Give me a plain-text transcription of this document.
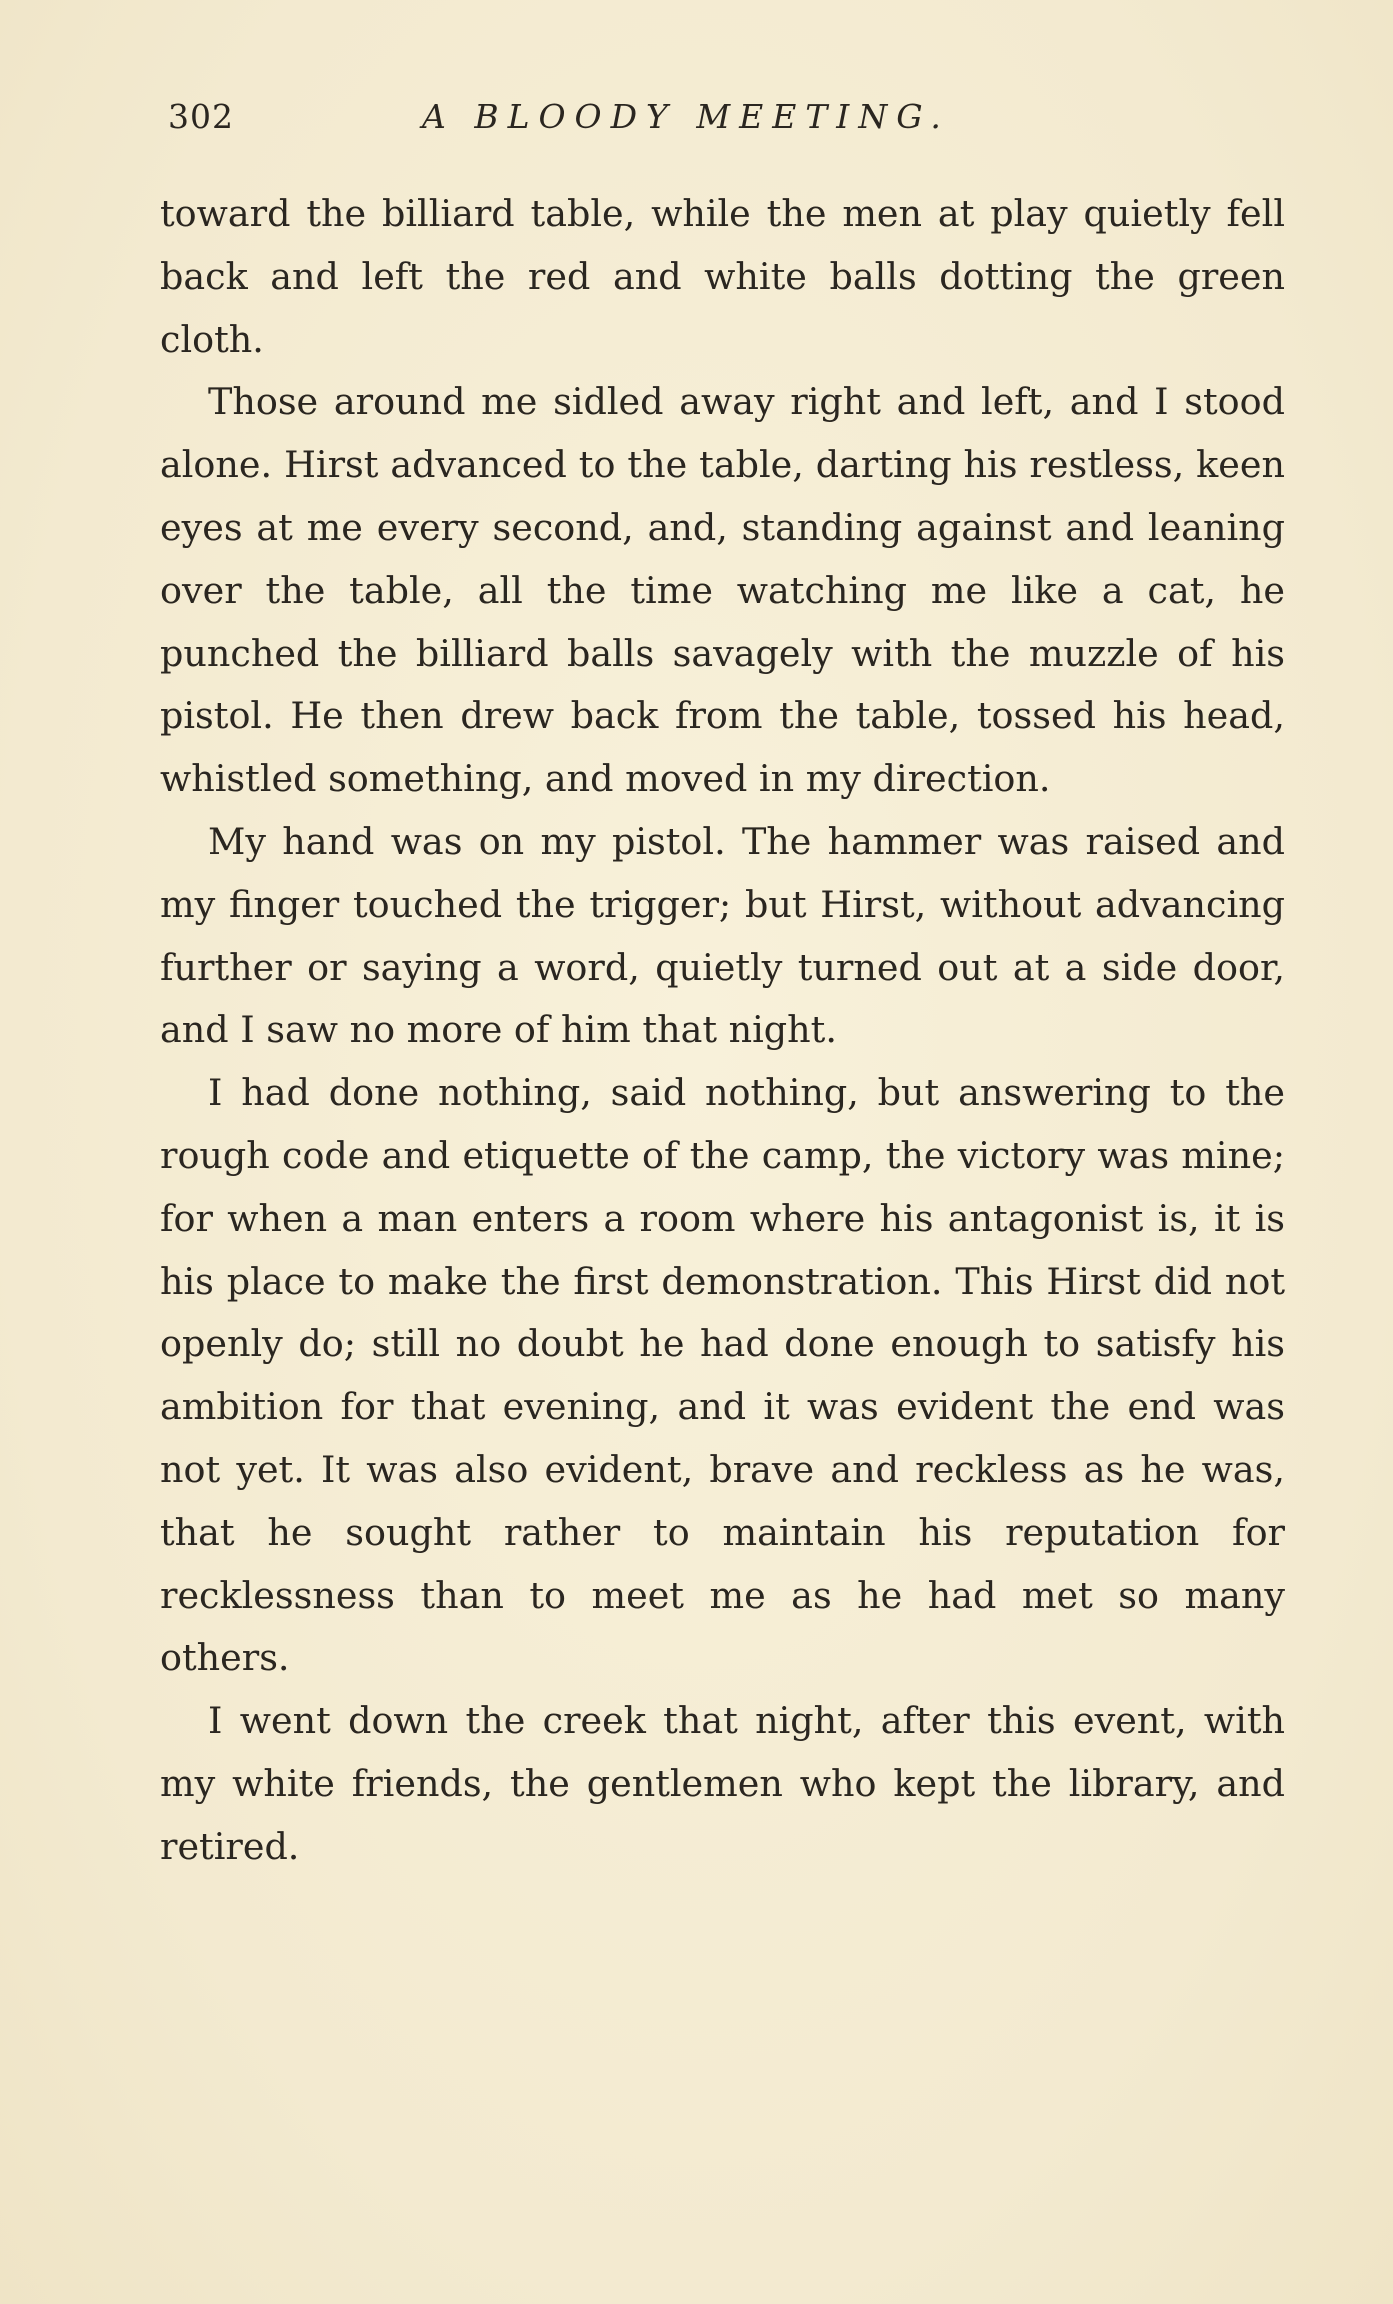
302	A BLOODY MEETING.

toward the billiard table, while the men at play quietly fell back and left the red and white balls dotting the green cloth.

Those around me sidled away right and left, and I stood alone. Hirst advanced to the table, darting his restless, keen eyes at me every second, and, standing against and leaning over the table, all the time watching me like a cat, he punched the billiard balls savagely with the muzzle of his pistol. He then drew back from the table, tossed his head, whistled something, and moved in my direction.

My hand was on my pistol. The hammer was raised and my finger touched the trigger; but Hirst, without advancing further or saying a word, quietly turned out at a side door, and I saw no more of him that night.

I had done nothing, said nothing, but answering to the rough code and etiquette of the camp, the victory was mine; for when a man enters a room where his antagonist is, it is his place to make the first demonstration. This Hirst did not openly do; still no doubt he had done enough to satisfy his ambition for that evening, and it was evident the end was not yet. It was also evident, brave and reckless as he was, that he sought rather to maintain his reputation for recklessness than to meet me as he had met so many others.

I went down the creek that night, after this event, with my white friends, the gentlemen who kept the library, and retired.
